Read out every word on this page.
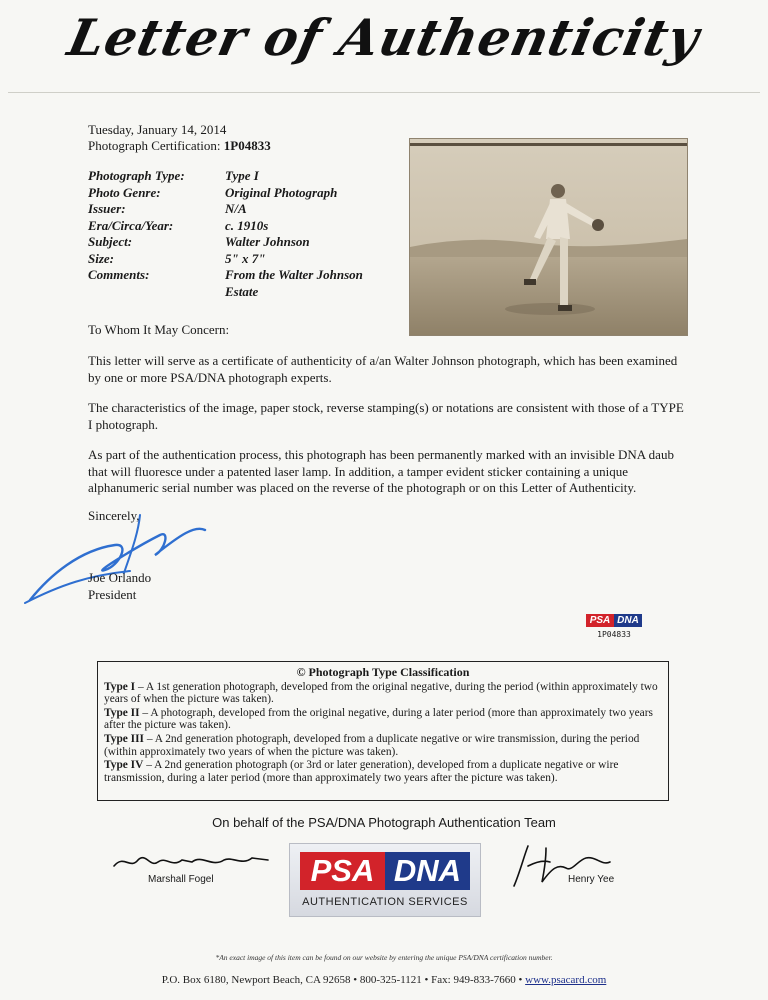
Letter of Authenticity
Tuesday, January 14, 2014
Photograph Certification: 1P04833
Photograph Type:	Type I
Photo Genre:	Original Photograph
Issuer:	N/A
Era/Circa/Year:	c. 1910s
Subject:	Walter Johnson
Size:	5" x 7"
Comments:	From the Walter Johnson Estate
To Whom It May Concern:
This letter will serve as a certificate of authenticity of a/an Walter Johnson photograph, which has been examined by one or more PSA/DNA photograph experts.
The characteristics of the image, paper stock, reverse stamping(s) or notations are consistent with those of a TYPE I photograph.
As part of the authentication process, this photograph has been permanently marked with an invisible DNA daub that will fluoresce under a patented laser lamp. In addition, a tamper evident sticker containing a unique alphanumeric serial number was placed on the reverse of the photograph or on this Letter of Authenticity.
Sincerely,
Joe Orlando
President
PSA DNA
1P04833
© Photograph Type Classification

Type I – A 1st generation photograph, developed from the original negative, during the period (within approximately two years of when the picture was taken).

Type II – A photograph, developed from the original negative, during a later period (more than approximately two years after the picture was taken).

Type III – A 2nd generation photograph, developed from a duplicate negative or wire transmission, during the period (within approximately two years of when the picture was taken).

Type IV – A 2nd generation photograph (or 3rd or later generation), developed from a duplicate negative or wire transmission, during a later period (more than approximately two years after the picture was taken).

On behalf of the PSA/DNA Photograph Authentication Team
Marshall Fogel	PSA DNA
AUTHENTICATION SERVICES
Henry Yee
*An exact image of this item can be found on our website by entering the unique PSA/DNA certification number.
P.O. Box 6180, Newport Beach, CA 92658 • 800-325-1121 • Fax: 949-833-7660 • www.psacard.com
